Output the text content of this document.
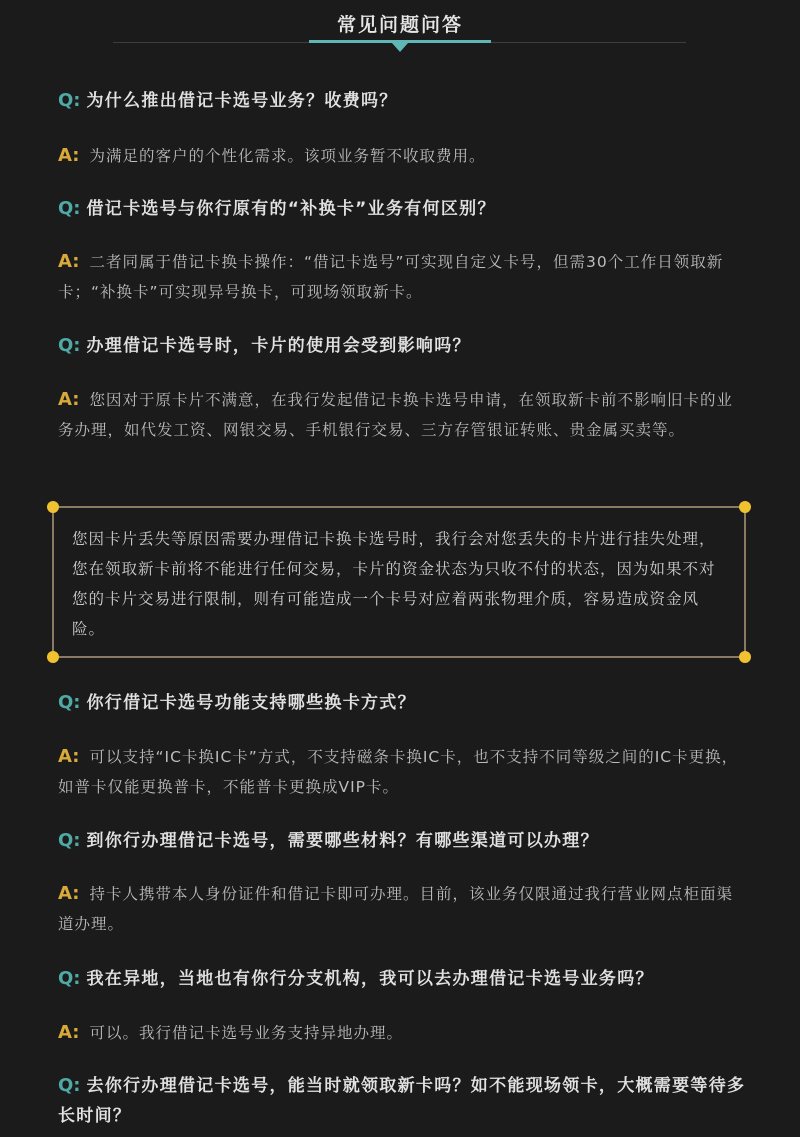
常见问题问答
Q: 为什么推出借记卡选号业务？收费吗？
A: 为满足的客户的个性化需求。该项业务暂不收取费用。
Q: 借记卡选号与你行原有的“补换卡”业务有何区别？
A: 二者同属于借记卡换卡操作：“借记卡选号”可实现自定义卡号，但需30个工作日领取新卡；“补换卡”可实现异号换卡，可现场领取新卡。
Q: 办理借记卡选号时，卡片的使用会受到影响吗？
A: 您因对于原卡片不满意，在我行发起借记卡换卡选号申请，在领取新卡前不影响旧卡的业务办理，如代发工资、网银交易、手机银行交易、三方存管银证转账、贵金属买卖等。
您因卡片丢失等原因需要办理借记卡换卡选号时，我行会对您丢失的卡片进行挂失处理，您在领取新卡前将不能进行任何交易，卡片的资金状态为只收不付的状态，因为如果不对您的卡片交易进行限制，则有可能造成一个卡号对应着两张物理介质，容易造成资金风险。
Q: 你行借记卡选号功能支持哪些换卡方式？
A: 可以支持“IC卡换IC卡”方式，不支持磁条卡换IC卡，也不支持不同等级之间的IC卡更换，如普卡仅能更换普卡，不能普卡更换成VIP卡。
Q: 到你行办理借记卡选号，需要哪些材料？有哪些渠道可以办理？
A: 持卡人携带本人身份证件和借记卡即可办理。目前，该业务仅限通过我行营业网点柜面渠道办理。
Q: 我在异地，当地也有你行分支机构，我可以去办理借记卡选号业务吗？
A: 可以。我行借记卡选号业务支持异地办理。
Q: 去你行办理借记卡选号，能当时就领取新卡吗？如不能现场领卡，大概需要等待多长时间？
